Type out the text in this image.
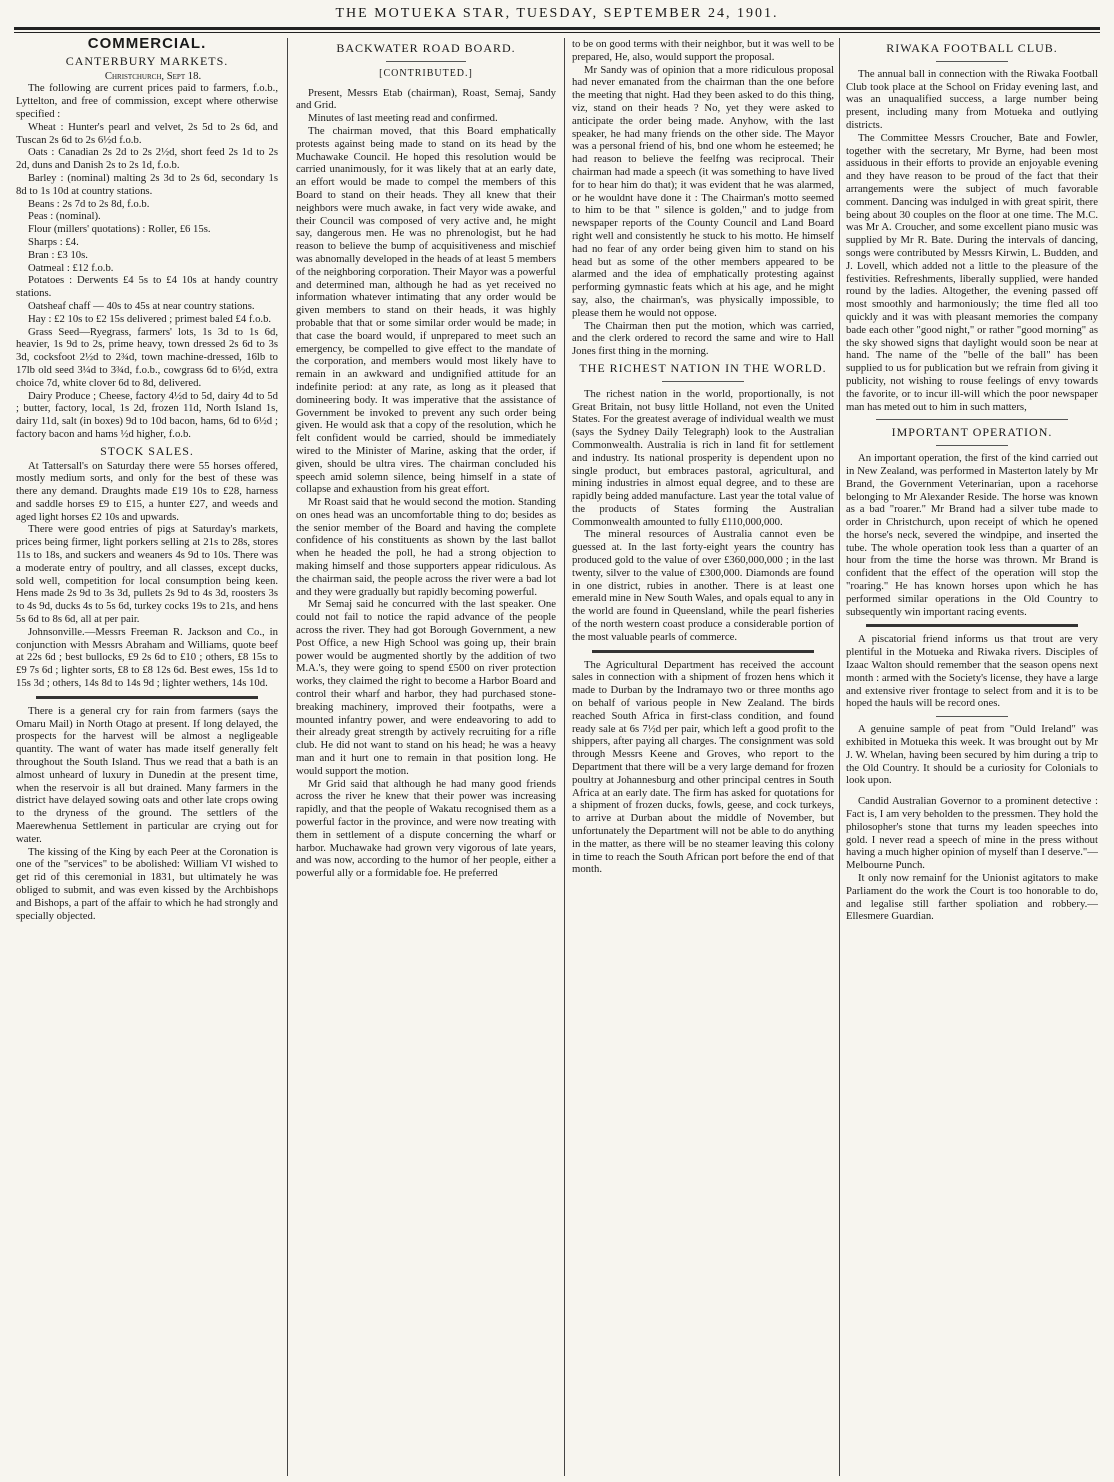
THE MOTUEKA STAR, TUESDAY, SEPTEMBER 24, 1901.
COMMERCIAL.
CANTERBURY MARKETS.

Christchurch, Sept 18.

The following are current prices paid to farmers, f.o.b., Lyttelton, and free of commission, except where otherwise specified :

Wheat : Hunter's pearl and velvet, 2s 5d to 2s 6d, and Tuscan 2s 6d to 2s 6½d f.o.b.

Oats : Canadian 2s 2d to 2s 2½d, short feed 2s 1d to 2s 2d, duns and Danish 2s to 2s 1d, f.o.b.

Barley : (nominal) malting 2s 3d to 2s 6d, secondary 1s 8d to 1s 10d at country stations.

Beans : 2s 7d to 2s 8d, f.o.b.

Peas : (nominal).

Flour (millers' quotations) : Roller, £6 15s.

Sharps : £4.

Bran : £3 10s.

Oatmeal : £12 f.o.b.

Potatoes : Derwents £4 5s to £4 10s at handy country stations.

Oatsheaf chaff — 40s to 45s at near country stations.

Hay : £2 10s to £2 15s delivered ; primest baled £4 f.o.b.

Grass Seed—Ryegrass, farmers' lots, 1s 3d to 1s 6d, heavier, 1s 9d to 2s, prime heavy, town dressed 2s 6d to 3s 3d, cocksfoot 2½d to 2¾d, town machine-dressed, 16lb to 17lb old seed 3¼d to 3¾d, f.o.b., cowgrass 6d to 6½d, extra choice 7d, white clover 6d to 8d, delivered.

Dairy Produce ; Cheese, factory 4½d to 5d, dairy 4d to 5d ; butter, factory, local, 1s 2d, frozen 11d, North Island 1s, dairy 11d, salt (in boxes) 9d to 10d bacon, hams, 6d to 6½d ; factory bacon and hams ½d higher, f.o.b.

STOCK SALES.

At Tattersall's on Saturday there were 55 horses offered, mostly medium sorts, and only for the best of these was there any demand. Draughts made £19 10s to £28, harness and saddle horses £9 to £15, a hunter £27, and weeds and aged light horses £2 10s and upwards.

There were good entries of pigs at Saturday's markets, prices being firmer, light porkers selling at 21s to 28s, stores 11s to 18s, and suckers and weaners 4s 9d to 10s. There was a moderate entry of poultry, and all classes, except ducks, sold well, competition for local consumption being keen. Hens made 2s 9d to 3s 3d, pullets 2s 9d to 4s 3d, roosters 3s to 4s 9d, ducks 4s to 5s 6d, turkey cocks 19s to 21s, and hens 5s 6d to 8s 6d, all at per pair.

Johnsonville.—Messrs Freeman R. Jackson and Co., in conjunction with Messrs Abraham and Williams, quote beef at 22s 6d ; best bullocks, £9 2s 6d to £10 ; others, £8 15s to £9 7s 6d ; lighter sorts, £8 to £8 12s 6d. Best ewes, 15s 1d to 15s 3d ; others, 14s 8d to 14s 9d ; lighter wethers, 14s 10d.

There is a general cry for rain from farmers (says the Omaru Mail) in North Otago at present. If long delayed, the prospects for the harvest will be almost a negligeable quantity. The want of water has made itself generally felt throughout the South Island. Thus we read that a bath is an almost unheard of luxury in Dunedin at the present time, when the reservoir is all but drained. Many farmers in the district have delayed sowing oats and other late crops owing to the dryness of the ground. The settlers of the Maerewhenua Settlement in particular are crying out for water.

The kissing of the King by each Peer at the Coronation is one of the "services" to be abolished: William VI wished to get rid of this ceremonial in 1831, but ultimately he was obliged to submit, and was even kissed by the Archbishops and Bishops, a part of the affair to which he had strongly and specially objected.

BACKWATER ROAD BOARD.
[CONTRIBUTED.]

Present, Messrs Etab (chairman), Roast, Semaj, Sandy and Grid.

Minutes of last meeting read and confirmed.

The chairman moved, that this Board emphatically protests against being made to stand on its head by the Muchawake Council. He hoped this resolution would be carried unanimously, for it was likely that at an early date, an effort would be made to compel the members of this Board to stand on their heads. They all knew that their neighbors were much awake, in fact very wide awake, and their Council was composed of very active and, he might say, dangerous men. He was no phrenologist, but he had reason to believe the bump of acquisitiveness and mischief was abnomally developed in the heads of at least 5 members of the neighboring corporation. Their Mayor was a powerful and determined man, although he had as yet received no information whatever intimating that any order would be given members to stand on their heads, it was highly probable that that or some similar order would be made; in that case the board would, if unprepared to meet such an emergency, be compelled to give effect to the mandate of the corporation, and members would most likely have to remain in an awkward and undignified attitude for an indefinite period: at any rate, as long as it pleased that domineering body. It was imperative that the assistance of Government be invoked to prevent any such order being given. He would ask that a copy of the resolution, which he felt confident would be carried, should be immediately wired to the Minister of Marine, asking that the order, if given, should be ultra vires. The chairman concluded his speech amid solemn silence, being himself in a state of collapse and exhaustion from his great effort.

Mr Roast said that he would second the motion. Standing on ones head was an uncomfortable thing to do; besides as the senior member of the Board and having the complete confidence of his constituents as shown by the last ballot when he headed the poll, he had a strong objection to making himself and those supporters appear ridiculous. As the chairman said, the people across the river were a bad lot and they were gradually but rapidly becoming powerful.

Mr Semaj said he concurred with the last speaker. One could not fail to notice the rapid advance of the people across the river. They had got Borough Government, a new Post Office, a new High School was going up, their brain power would be augmented shortly by the addition of two M.A.'s, they were going to spend £500 on river protection works, they claimed the right to become a Harbor Board and control their wharf and harbor, they had purchased stone-breaking machinery, improved their footpaths, were a mounted infantry power, and were endeavoring to add to their already great strength by actively recruiting for a rifle club. He did not want to stand on his head; he was a heavy man and it hurt one to remain in that position long. He would support the motion.

Mr Grid said that although he had many good friends across the river he knew that their power was increasing rapidly, and that the people of Wakatu recognised them as a powerful factor in the province, and were now treating with them in settlement of a dispute concerning the wharf or harbor. Muchawake had grown very vigorous of late years, and was now, according to the humor of her people, either a powerful ally or a formidable foe. He preferred

to be on good terms with their neighbor, but it was well to be prepared, He, also, would support the proposal.

Mr Sandy was of opinion that a more ridiculous proposal had never emanated from the chairman than the one before the meeting that night. Had they been asked to do this thing, viz, stand on their heads ? No, yet they were asked to anticipate the order being made. Anyhow, with the last speaker, he had many friends on the other side. The Mayor was a personal friend of his, bnd one whom he esteemed; he had reason to believe the feelfng was reciprocal. Their chairman had made a speech (it was something to have lived for to hear him do that); it was evident that he was alarmed, or he wouldnt have done it : The Chairman's motto seemed to him to be that " silence is golden," and to judge from newspaper reports of the County Council and Land Board right well and consistently he stuck to his motto. He himself had no fear of any order being given him to stand on his head but as some of the other members appeared to be alarmed and the idea of emphatically protesting against performing gymnastic feats which at his age, and he might say, also, the chairman's, was physically impossible, to please them he would not oppose.

The Chairman then put the motion, which was carried, and the clerk ordered to record the same and wire to Hall Jones first thing in the morning.

THE RICHEST NATION IN THE WORLD.

The richest nation in the world, proportionally, is not Great Britain, not busy little Holland, not even the United States. For the greatest average of individual wealth we must (says the Sydney Daily Telegraph) look to the Australian Commonwealth. Australia is rich in land fit for settlement and industry. Its national prosperity is dependent upon no single product, but embraces pastoral, agricultural, and mining industries in almost equal degree, and to these are rapidly being added manufacture. Last year the total value of the products of States forming the Australian Commonwealth amounted to fully £110,000,000.

The mineral resources of Australia cannot even be guessed at. In the last forty-eight years the country has produced gold to the value of over £360,000,000 ; in the last twenty, silver to the value of £300,000. Diamonds are found in one district, rubies in another. There is at least one emerald mine in New South Wales, and opals equal to any in the world are found in Queensland, while the pearl fisheries of the north western coast produce a considerable portion of the most valuable pearls of commerce.

The Agricultural Department has received the account sales in connection with a shipment of frozen hens which it made to Durban by the Indramayo two or three months ago on behalf of various people in New Zealand. The birds reached South Africa in first-class condition, and found ready sale at 6s 7½d per pair, which left a good profit to the shippers, after paying all charges. The consignment was sold through Messrs Keene and Groves, who report to the Department that there will be a very large demand for frozen poultry at Johannesburg and other principal centres in South Africa at an early date. The firm has asked for quotations for a shipment of frozen ducks, fowls, geese, and cock turkeys, to arrive at Durban about the middle of November, but unfortunately the Department will not be able to do anything in the matter, as there will be no steamer leaving this colony in time to reach the South African port before the end of that month.

RIWAKA FOOTBALL CLUB.

The annual ball in connection with the Riwaka Football Club took place at the School on Friday evening last, and was an unaqualified success, a large number being present, including many from Motueka and outlying districts.

The Committee Messrs Croucher, Bate and Fowler, together with the secretary, Mr Byrne, had been most assiduous in their efforts to provide an enjoyable evening and they have reason to be proud of the fact that their arrangements were the subject of much favorable comment. Dancing was indulged in with great spirit, there being about 30 couples on the floor at one time. The M.C. was Mr A. Croucher, and some excellent piano music was supplied by Mr R. Bate. During the intervals of dancing, songs were contributed by Messrs Kirwin, L. Budden, and J. Lovell, which added not a little to the pleasure of the festivities. Refreshments, liberally supplied, were handed round by the ladies. Altogether, the evening passed off most smoothly and harmoniously; the time fled all too quickly and it was with pleasant memories the company bade each other "good night," or rather "good morning" as the sky showed signs that daylight would soon be near at hand. The name of the "belle of the ball" has been supplied to us for publication but we refrain from giving it publicity, not wishing to rouse feelings of envy towards the favorite, or to incur ill-will which the poor newspaper man has meted out to him in such matters,

IMPORTANT OPERATION.

An important operation, the first of the kind carried out in New Zealand, was performed in Masterton lately by Mr Brand, the Government Veterinarian, upon a racehorse belonging to Mr Alexander Reside. The horse was known as a bad "roarer." Mr Brand had a silver tube made to order in Christchurch, upon receipt of which he opened the horse's neck, severed the windpipe, and inserted the tube. The whole operation took less than a quarter of an hour from the time the horse was thrown. Mr Brand is confident that the effect of the operation will stop the "roaring." He has known horses upon which he has performed similar operations in the Old Country to subsequently win important racing events.

A piscatorial friend informs us that trout are very plentiful in the Motueka and Riwaka rivers. Disciples of Izaac Walton should remember that the season opens next month : armed with the Society's license, they have a large and extensive river frontage to select from and it is to be hoped the hauls will be record ones.

A genuine sample of peat from "Ould Ireland" was exhibited in Motueka this week. It was brought out by Mr J. W. Whelan, having been secured by him during a trip to the Old Country. It should be a curiosity for Colonials to look upon.

Candid Australian Governor to a prominent detective : Fact is, I am very beholden to the pressmen. They hold the philosopher's stone that turns my leaden speeches into gold. I never read a speech of mine in the press without having a much higher opinion of myself than I deserve."—Melbourne Punch.

It only now remainf for the Unionist agitators to make Parliament do the work the Court is too honorable to do, and legalise still farther spoliation and robbery.—Ellesmere Guardian.
